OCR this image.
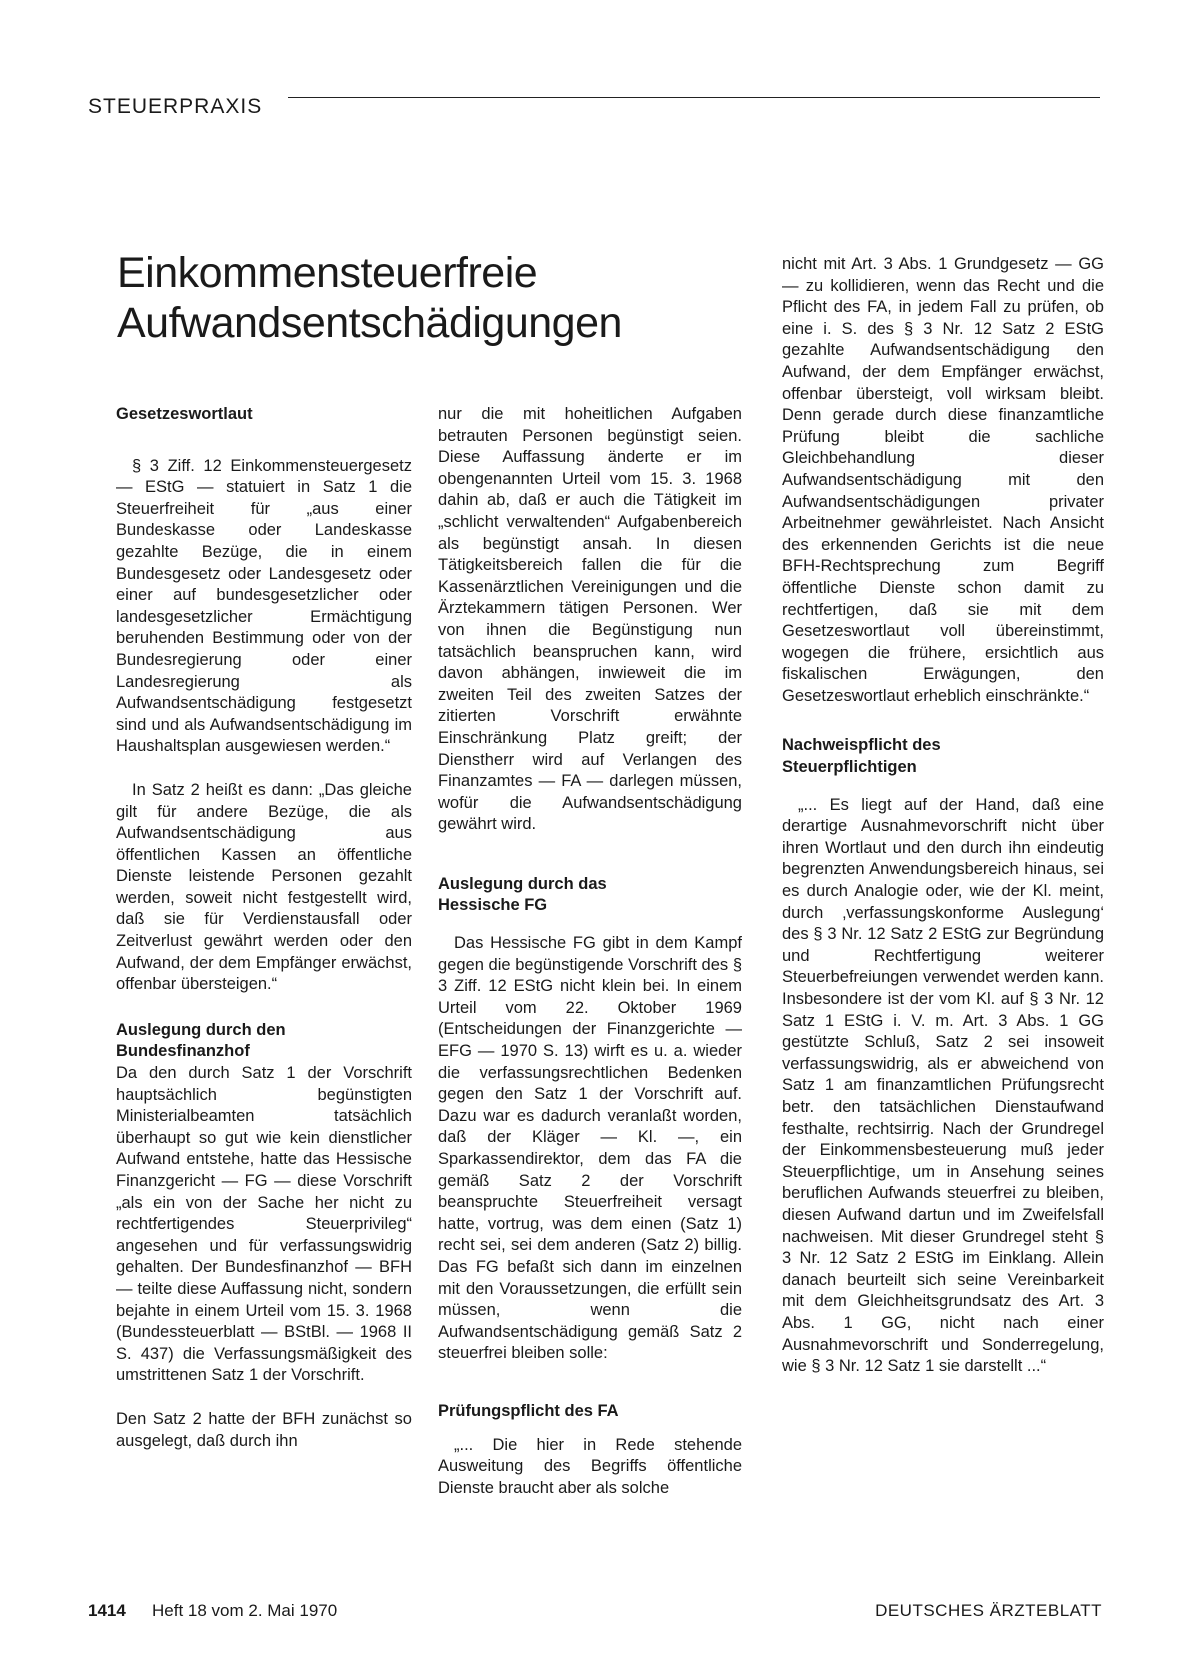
STEUERPRAXIS
Einkommensteuerfreie
Aufwandsentschädigungen
Gesetzeswortlaut

§ 3 Ziff. 12 Einkommensteuergesetz — EStG — statuiert in Satz 1 die Steuerfreiheit für „aus einer Bundeskasse oder Landeskasse gezahlte Bezüge, die in einem Bundesgesetz oder Landesgesetz oder einer auf bundesgesetzlicher oder landesgesetzlicher Ermächtigung beruhenden Bestimmung oder von der Bundesregierung oder einer Landesregierung als Aufwandsentschädigung festgesetzt sind und als Aufwandsentschädigung im Haushaltsplan ausgewiesen werden.“

In Satz 2 heißt es dann: „Das gleiche gilt für andere Bezüge, die als Aufwandsentschädigung aus öffentlichen Kassen an öffentliche Dienste leistende Personen gezahlt werden, soweit nicht festgestellt wird, daß sie für Verdienstausfall oder Zeitverlust gewährt werden oder den Aufwand, der dem Empfänger erwächst, offenbar übersteigen.“

Auslegung durch den
Bundesfinanzhof

Da den durch Satz 1 der Vorschrift hauptsächlich begünstigten Ministerialbeamten tatsächlich überhaupt so gut wie kein dienstlicher Aufwand entstehe, hatte das Hessische Finanzgericht — FG — diese Vorschrift „als ein von der Sache her nicht zu rechtfertigendes Steuerprivileg“ angesehen und für verfassungswidrig gehalten. Der Bundesfinanzhof — BFH — teilte diese Auffassung nicht, sondern bejahte in einem Urteil vom 15. 3. 1968 (Bundessteuerblatt — BStBl. — 1968 II S. 437) die Verfassungsmäßigkeit des umstrittenen Satz 1 der Vorschrift.

Den Satz 2 hatte der BFH zunächst so ausgelegt, daß durch ihn

nur die mit hoheitlichen Aufgaben betrauten Personen begünstigt seien. Diese Auffassung änderte er im obengenannten Urteil vom 15. 3. 1968 dahin ab, daß er auch die Tätigkeit im „schlicht verwaltenden“ Aufgabenbereich als begünstigt ansah. In diesen Tätigkeitsbereich fallen die für die Kassenärztlichen Vereinigungen und die Ärztekammern tätigen Personen. Wer von ihnen die Begünstigung nun tatsächlich beanspruchen kann, wird davon abhängen, inwieweit die im zweiten Teil des zweiten Satzes der zitierten Vorschrift erwähnte Einschränkung Platz greift; der Dienstherr wird auf Verlangen des Finanzamtes — FA — darlegen müssen, wofür die Aufwandsentschädigung gewährt wird.

Auslegung durch das
Hessische FG

Das Hessische FG gibt in dem Kampf gegen die begünstigende Vorschrift des § 3 Ziff. 12 EStG nicht klein bei. In einem Urteil vom 22. Oktober 1969 (Entscheidungen der Finanzgerichte — EFG — 1970 S. 13) wirft es u. a. wieder die verfassungsrechtlichen Bedenken gegen den Satz 1 der Vorschrift auf. Dazu war es dadurch veranlaßt worden, daß der Kläger — Kl. —, ein Sparkassendirektor, dem das FA die gemäß Satz 2 der Vorschrift beanspruchte Steuerfreiheit versagt hatte, vortrug, was dem einen (Satz 1) recht sei, sei dem anderen (Satz 2) billig. Das FG befaßt sich dann im einzelnen mit den Voraussetzungen, die erfüllt sein müssen, wenn die Aufwandsentschädigung gemäß Satz 2 steuerfrei bleiben solle:

Prüfungspflicht des FA

„... Die hier in Rede stehende Ausweitung des Begriffs öffentliche Dienste braucht aber als solche

nicht mit Art. 3 Abs. 1 Grundgesetz — GG — zu kollidieren, wenn das Recht und die Pflicht des FA, in jedem Fall zu prüfen, ob eine i. S. des § 3 Nr. 12 Satz 2 EStG gezahlte Aufwandsentschädigung den Aufwand, der dem Empfänger erwächst, offenbar übersteigt, voll wirksam bleibt. Denn gerade durch diese finanzamtliche Prüfung bleibt die sachliche Gleichbehandlung dieser Aufwandsentschädigung mit den Aufwandsentschädigungen privater Arbeitnehmer gewährleistet. Nach Ansicht des erkennenden Gerichts ist die neue BFH-Rechtsprechung zum Begriff öffentliche Dienste schon damit zu rechtfertigen, daß sie mit dem Gesetzeswortlaut voll übereinstimmt, wogegen die frühere, ersichtlich aus fiskalischen Erwägungen, den Gesetzeswortlaut erheblich einschränkte.“

Nachweispflicht des
Steuerpflichtigen

„... Es liegt auf der Hand, daß eine derartige Ausnahmevorschrift nicht über ihren Wortlaut und den durch ihn eindeutig begrenzten Anwendungsbereich hinaus, sei es durch Analogie oder, wie der Kl. meint, durch ‚verfassungskonforme Auslegung‘ des § 3 Nr. 12 Satz 2 EStG zur Begründung und Rechtfertigung weiterer Steuerbefreiungen verwendet werden kann. Insbesondere ist der vom Kl. auf § 3 Nr. 12 Satz 1 EStG i. V. m. Art. 3 Abs. 1 GG gestützte Schluß, Satz 2 sei insoweit verfassungswidrig, als er abweichend von Satz 1 am finanzamtlichen Prüfungsrecht betr. den tatsächlichen Dienstaufwand festhalte, rechtsirrig. Nach der Grundregel der Einkommensbesteuerung muß jeder Steuerpflichtige, um in Ansehung seines beruflichen Aufwands steuerfrei zu bleiben, diesen Aufwand dartun und im Zweifelsfall nachweisen. Mit dieser Grundregel steht § 3 Nr. 12 Satz 2 EStG im Einklang. Allein danach beurteilt sich seine Vereinbarkeit mit dem Gleichheitsgrundsatz des Art. 3 Abs. 1 GG, nicht nach einer Ausnahmevorschrift und Sonderregelung, wie § 3 Nr. 12 Satz 1 sie darstellt ...“

1414 Heft 18 vom 2. Mai 1970	DEUTSCHES ÄRZTEBLATT
